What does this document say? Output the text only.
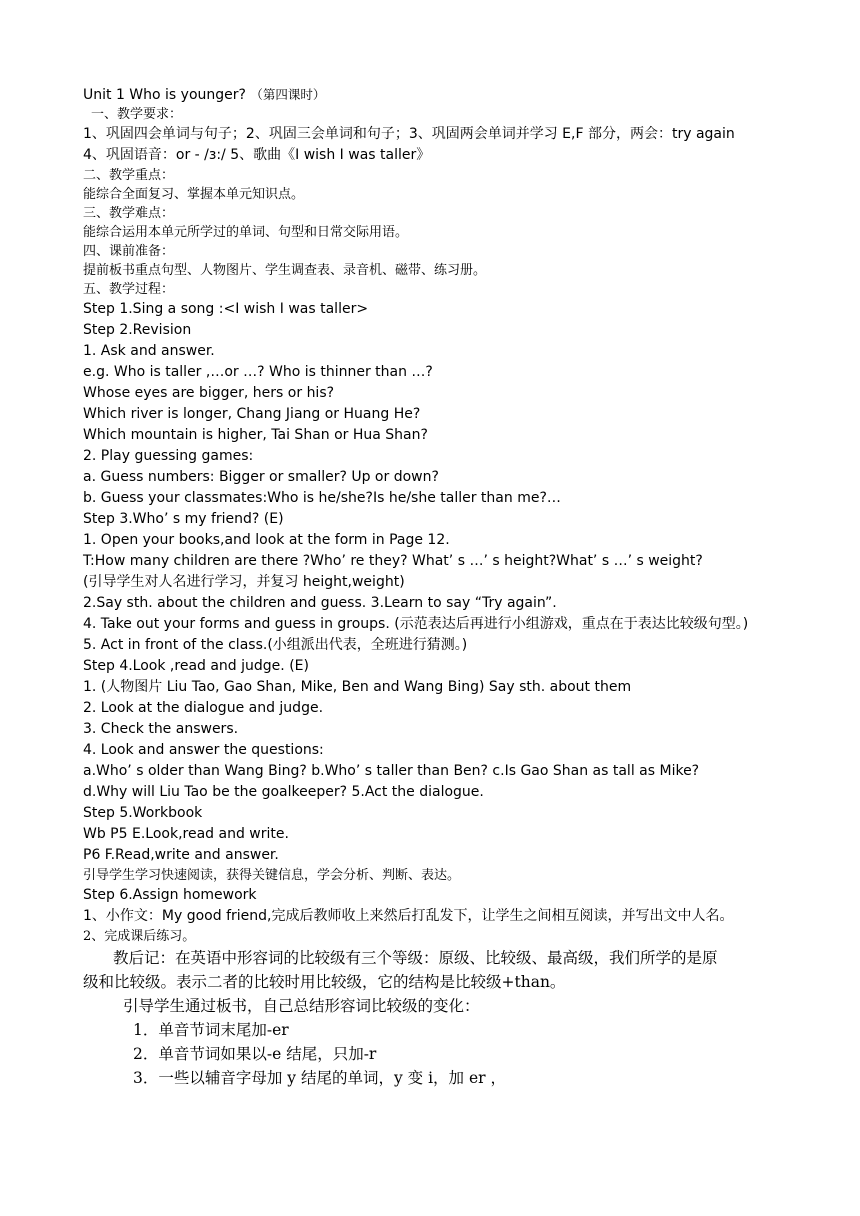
Unit 1 Who is younger? （第四课时）
一、教学要求：
1、巩固四会单词与句子；2、巩固三会单词和句子；3、巩固两会单词并学习 E,F 部分，两会：try again
4、巩固语音：or - /ɜ:/ 5、歌曲《I wish I was taller》
二、教学重点：
能综合全面复习、掌握本单元知识点。
三、教学难点：
能综合运用本单元所学过的单词、句型和日常交际用语。
四、课前准备：
提前板书重点句型、人物图片、学生调查表、录音机、磁带、练习册。
五、教学过程：
Step 1.Sing a song :<I wish I was taller>
Step 2.Revision
1. Ask and answer.
e.g. Who is taller ,…or …? Who is thinner than …?
Whose eyes are bigger, hers or his?
Which river is longer, Chang Jiang or Huang He?
Which mountain is higher, Tai Shan or Hua Shan?
2. Play guessing games:
a. Guess numbers: Bigger or smaller? Up or down?
b. Guess your classmates:Who is he/she?Is he/she taller than me?…
Step 3.Who’ s my friend? (E)
1. Open your books,and look at the form in Page 12.
T:How many children are there ?Who’ re they? What’ s …’ s height?What’ s …’ s weight?
(引导学生对人名进行学习，并复习 height,weight)
2.Say sth. about the children and guess. 3.Learn to say “Try again”.
4. Take out your forms and guess in groups. (示范表达后再进行小组游戏，重点在于表达比较级句型。)
5. Act in front of the class.(小组派出代表，全班进行猜测。)
Step 4.Look ,read and judge. (E)
1. (人物图片 Liu Tao, Gao Shan, Mike, Ben and Wang Bing) Say sth. about them
2. Look at the dialogue and judge.
3. Check the answers.
4. Look and answer the questions:
a.Who’ s older than Wang Bing? b.Who’ s taller than Ben? c.Is Gao Shan as tall as Mike?
d.Why will Liu Tao be the goalkeeper? 5.Act the dialogue.
Step 5.Workbook
Wb P5 E.Look,read and write.
P6 F.Read,write and answer.
引导学生学习快速阅读，获得关键信息，学会分析、判断、表达。
Step 6.Assign homework
1、小作文：My good friend,完成后教师收上来然后打乱发下，让学生之间相互阅读，并写出文中人名。
2、完成课后练习。
教后记：在英语中形容词的比较级有三个等级：原级、比较级、最高级，我们所学的是原
级和比较级。表示二者的比较时用比较级，它的结构是比较级+than。
引导学生通过板书，自己总结形容词比较级的变化：
1．单音节词末尾加-er
2．单音节词如果以-e 结尾，只加-r
3．一些以辅音字母加 y 结尾的单词，y 变 i，加 er ，
